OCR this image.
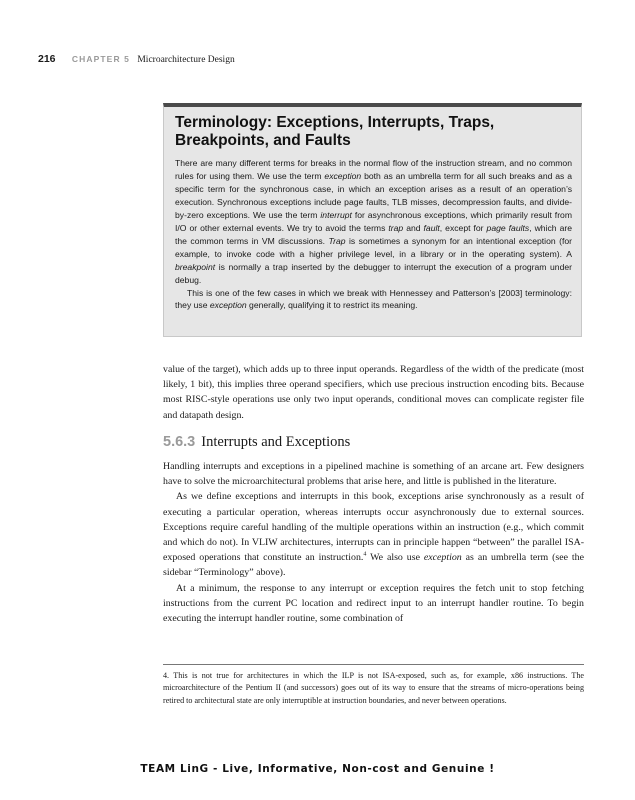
216 CHAPTER 5 Microarchitecture Design
Terminology: Exceptions, Interrupts, Traps,
Breakpoints, and Faults

There are many different terms for breaks in the normal flow of the instruction stream, and no common rules for using them. We use the term exception both as an umbrella term for all such breaks and as a specific term for the synchronous case, in which an exception arises as a result of an operation’s execution. Synchronous exceptions include page faults, TLB misses, decompression faults, and divide-by-zero exceptions. We use the term interrupt for asynchronous exceptions, which primarily result from I/O or other external events. We try to avoid the terms trap and fault, except for page faults, which are the common terms in VM discussions. Trap is sometimes a synonym for an intentional exception (for example, to invoke code with a higher privilege level, in a library or in the operating system). A breakpoint is normally a trap inserted by the debugger to interrupt the execution of a program under debug.

This is one of the few cases in which we break with Hennessey and Patterson’s [2003] terminology: they use exception generally, qualifying it to restrict its meaning.

value of the target), which adds up to three input operands. Regardless of the width of the predicate (most likely, 1 bit), this implies three operand specifiers, which use precious instruction encoding bits. Because most RISC-style operations use only two input operands, conditional moves can complicate register file and datapath design.

5.6.3 Interrupts and Exceptions

Handling interrupts and exceptions in a pipelined machine is something of an arcane art. Few designers have to solve the microarchitectural problems that arise here, and little is published in the literature.

As we define exceptions and interrupts in this book, exceptions arise synchronously as a result of executing a particular operation, whereas interrupts occur asynchronously due to external sources. Exceptions require careful handling of the multiple operations within an instruction (e.g., which commit and which do not). In VLIW architectures, interrupts can in principle happen “between” the parallel ISA-exposed operations that constitute an instruction.$^4$ We also use exception as an umbrella term (see the sidebar “Terminology” above).

At a minimum, the response to any interrupt or exception requires the fetch unit to stop fetching instructions from the current PC location and redirect input to an interrupt handler routine. To begin executing the interrupt handler routine, some combination of

4. This is not true for architectures in which the ILP is not ISA-exposed, such as, for example, x86 instructions. The microarchitecture of the Pentium II (and successors) goes out of its way to ensure that the streams of micro-operations being retired to architectural state are only interruptible at instruction boundaries, and never between operations.

TEAM LinG - Live, Informative, Non-cost and Genuine !
